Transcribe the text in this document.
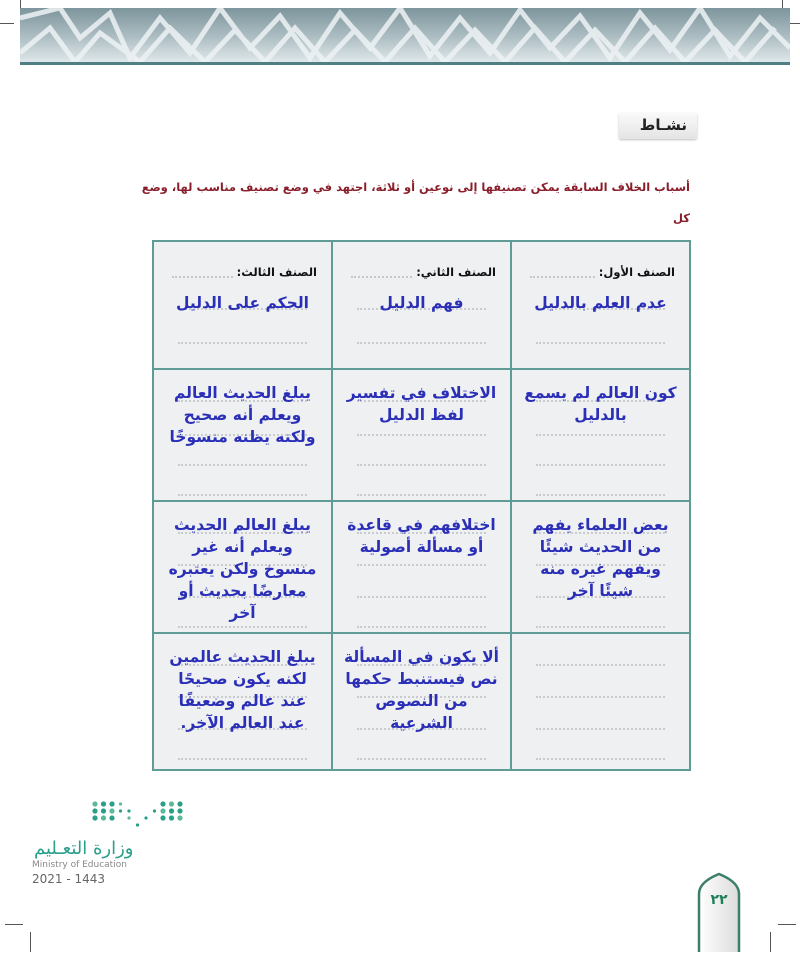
نشـاط
أسباب الخلاف السابقة يمكن تصنيفها إلى نوعين أو ثلاثة، اجتهد في وضع تصنيف مناسب لها، وضع كل
الصنف الأول:
عدم العلم بالدليل
الصنف الثاني:
فهم الدليل
الصنف الثالث:
الحكم على الدليل
كون العالم لم يسمع بالدليل
الاختلاف في تفسير لفظ الدليل
يبلغ الحديث العالم ويعلم أنه صحيح ولكنه يظنه منسوخًا
بعض العلماء يفهم من الحديث شيئًا ويفهم غيره منه شيئًا آخر
اختلافهم في قاعدة أو مسألة أصولية
يبلغ العالم الحديث ويعلم أنه غير منسوخ ولكن يعتبره معارضًا بحديث أو آخر
ألا يكون في المسألة نص فيستنبط حكمها من النصوص الشرعية
يبلغ الحديث عالمين لكنه يكون صحيحًا عند عالم وضعيفًا عند العالم الآخر.
وزارة التعـليم
Ministry of Education
2021 - 1443
٢٢
